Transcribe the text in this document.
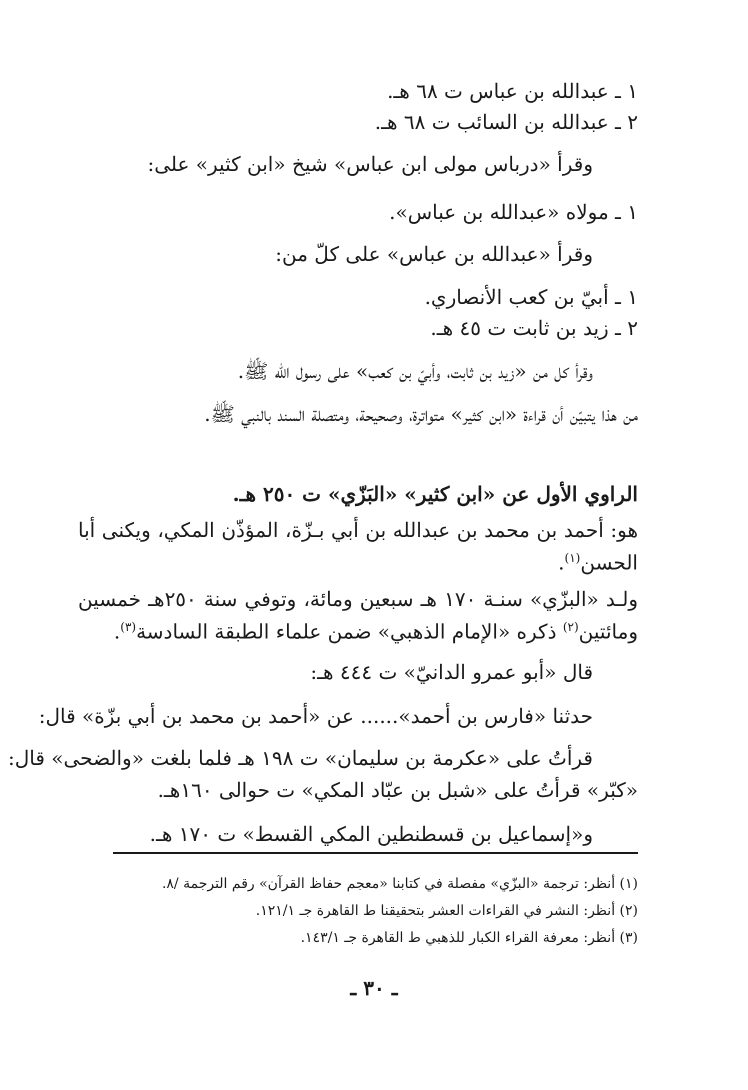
١ ـ عبدالله بن عباس ت ٦٨ هـ.
٢ ـ عبدالله بن السائب ت ٦٨ هـ.
وقرأ «درباس مولى ابن عباس» شيخ «ابن كثير» على:
١ ـ مولاه «عبدالله بن عباس».
وقرأ «عبدالله بن عباس» على كلّ من:
١ ـ أبيّ بن كعب الأنصاري.
٢ ـ زيد بن ثابت ت ٤٥ هـ.
وقرأ كل من «زيد بن ثابت، وأبيّ بن كعب» على رسول الله ﷺ.
من هذا يتبيّن أن قراءة «ابن كثير» متواترة، وصحيحة، ومتصلة السند بالنبي ﷺ.
الراوي الأول عن «ابن كثير» «البَزّي» ت ٢٥٠ هـ.
هو: أحمد بن محمد بن عبدالله بن أبي بـزّة، المؤذّن المكي، ويكنى أبا الحسن$^{(١)}$.
ولـد «البزّي» سنـة ١٧٠ هـ سبعين ومائة، وتوفي سنة ٢٥٠هـ خمسين ومائتين$^{(٢)}$ ذكره «الإمام الذهبي» ضمن علماء الطبقة السادسة$^{(٣)}$.
قال «أبو عمرو الدانيّ» ت ٤٤٤ هـ:
حدثنا «فارس بن أحمد»...... عن «أحمد بن محمد بن أبي بزّة» قال:
قرأتُ على «عكرمة بن سليمان» ت ١٩٨ هـ فلما بلغت «والضحى» قال:
«كبّر» قرأتُ على «شبل بن عبّاد المكي» ت حوالى ١٦٠هـ.
و«إسماعيل بن قسطنطين المكي القسط» ت ١٧٠ هـ.
(١) أنظر: ترجمة «البزّي» مفصلة في كتابنا «معجم حفاظ القرآن» رقم الترجمة /٨.
(٢) أنظر: النشر في القراءات العشر بتحقيقنا ط القاهرة جـ ١٢١/١.
(٣) أنظر: معرفة القراء الكبار للذهبي ط القاهرة جـ ١٤٣/١.
ـ ٣٠ ـ
